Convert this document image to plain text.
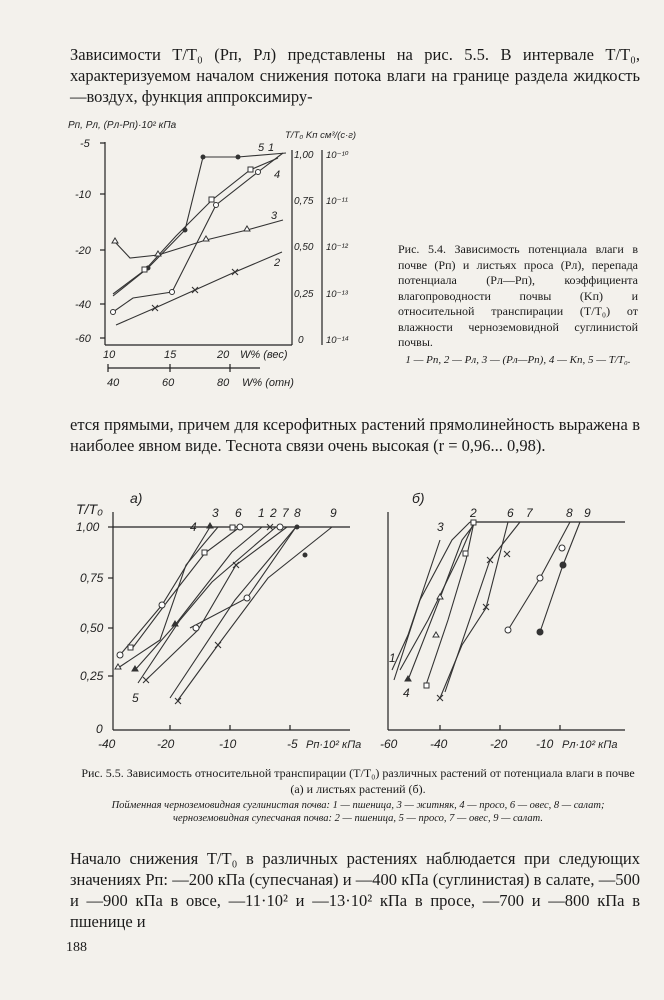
Зависимости T/T₀ (Pп, Pл) представлены на рис. 5.5. В интервале T/T₀, характеризуемом началом снижения потока влаги на границе раздела жидкость—воздух, функция аппроксимиру-

Pп, Pл, (Pл-Pп)·10² кПа
T/T₀ Kп см³/(с·г)
-5
-10
-20
-40
-60
1,00
0,75
0,50
0,25
0
10⁻¹⁰
10⁻¹¹
10⁻¹²
10⁻¹³
10⁻¹⁴
10	15	20 W% (вес)
40	60	80 W% (отн)
5 1
4
3
2

Рис. 5.4. Зависимость потенциала влаги в почве (Pп) и листьях проса (Pл), перепада потенциала (Pл—Pп), коэффициента влагопроводности почвы (Kп) и относительной транспирации (T/T₀) от влажности черноземовидной суглинистой почвы.
1 — Pп, 2 — Pл, 3 — (Pл—Pп), 4 — Kп, 5 — T/T₀.

ется прямыми, причем для ксерофитных растений прямолинейность выражена в наиболее явном виде. Теснота связи очень высокая (r = 0,96... 0,98).

T/T₀
а)	б)
1,00
0,75
0,50
0,25
0
-40	-20	-10	-5 Pп·10² кПа -60	-40	-20 -10 Pл·10² кПа
3 6 1 2 7 8 9
4
5
3
2	6 7	8 9
1
4

Рис. 5.5. Зависимость относительной транспирации (T/T₀) различных растений от потенциала влаги в почве (а) и листьях растений (б).
Пойменная черноземовидная суглинистая почва: 1 — пшеница, 3 — житняк, 4 — просо, 6 — овес, 8 — салат; черноземовидная супесчаная почва: 2 — пшеница, 5 — просо, 7 — овес, 9 — салат.

Начало снижения T/T₀ в различных растениях наблюдается при следующих значениях Pп: —200 кПа (супесчаная) и —400 кПа (суглинистая) в салате, —500 и —900 кПа в овсе, —11·10² и —13·10² кПа в просе, —700 и —800 кПа в пшенице и

188
